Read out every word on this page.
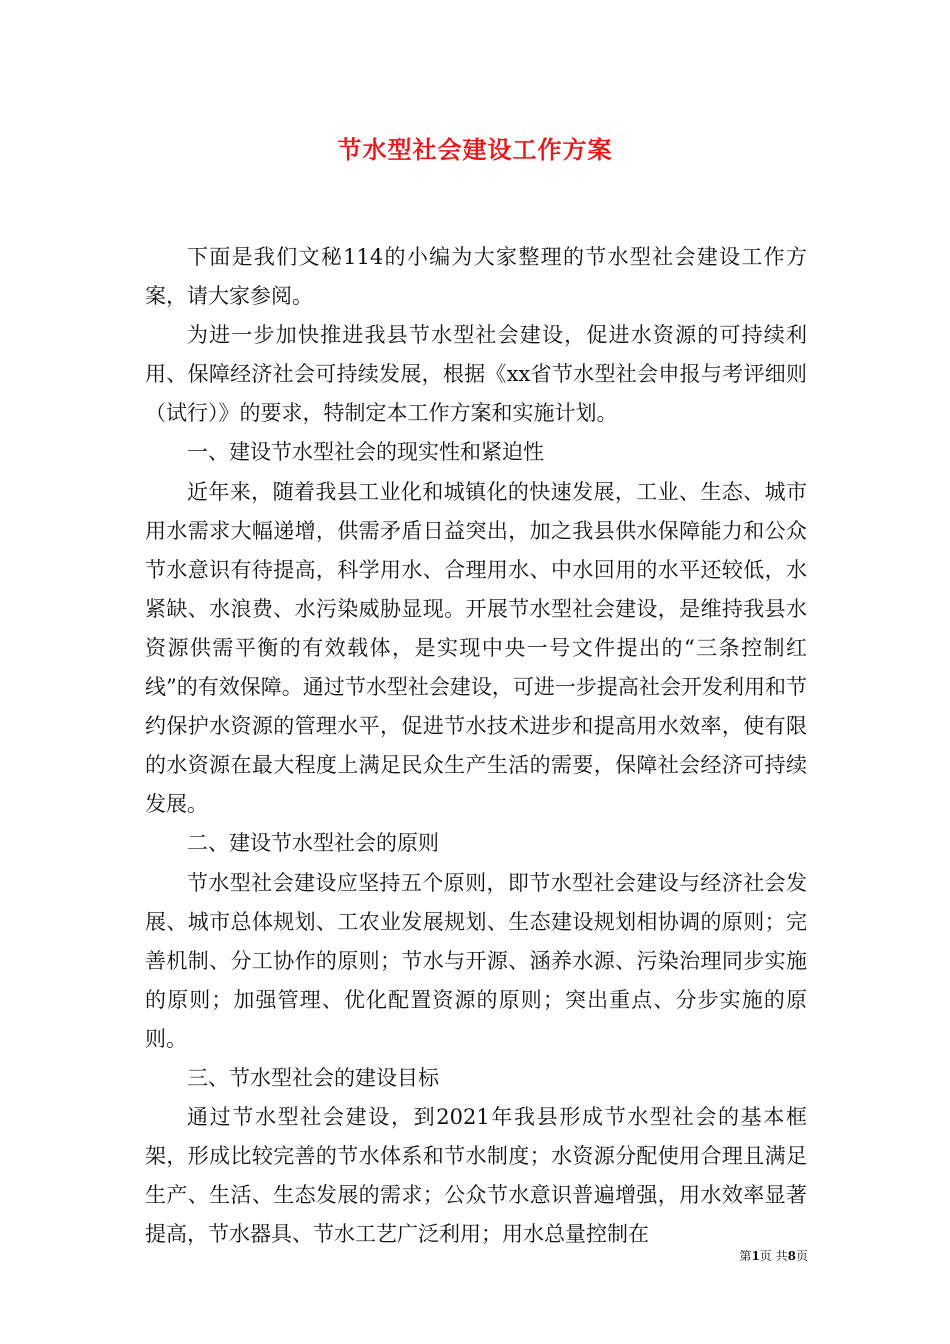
节水型社会建设工作方案

下面是我们文秘114的小编为大家整理的节水型社会建设工作方案，请大家参阅。

为进一步加快推进我县节水型社会建设，促进水资源的可持续利用、保障经济社会可持续发展，根据《xx省节水型社会申报与考评细则（试行）》的要求，特制定本工作方案和实施计划。

一、建设节水型社会的现实性和紧迫性

近年来，随着我县工业化和城镇化的快速发展，工业、生态、城市用水需求大幅递增，供需矛盾日益突出，加之我县供水保障能力和公众节水意识有待提高，科学用水、合理用水、中水回用的水平还较低，水紧缺、水浪费、水污染威胁显现。开展节水型社会建设，是维持我县水资源供需平衡的有效载体，是实现中央一号文件提出的“三条控制红线”的有效保障。通过节水型社会建设，可进一步提高社会开发利用和节约保护水资源的管理水平，促进节水技术进步和提高用水效率，使有限的水资源在最大程度上满足民众生产生活的需要，保障社会经济可持续发展。

二、建设节水型社会的原则

节水型社会建设应坚持五个原则，即节水型社会建设与经济社会发展、城市总体规划、工农业发展规划、生态建设规划相协调的原则；完善机制、分工协作的原则；节水与开源、涵养水源、污染治理同步实施的原则；加强管理、优化配置资源的原则；突出重点、分步实施的原则。

三、节水型社会的建设目标

通过节水型社会建设，到2021年我县形成节水型社会的基本框架，形成比较完善的节水体系和节水制度；水资源分配使用合理且满足生产、生活、生态发展的需求；公众节水意识普遍增强，用水效率显著提高，节水器具、节水工艺广泛利用；用水总量控制在

第1页 共8页
